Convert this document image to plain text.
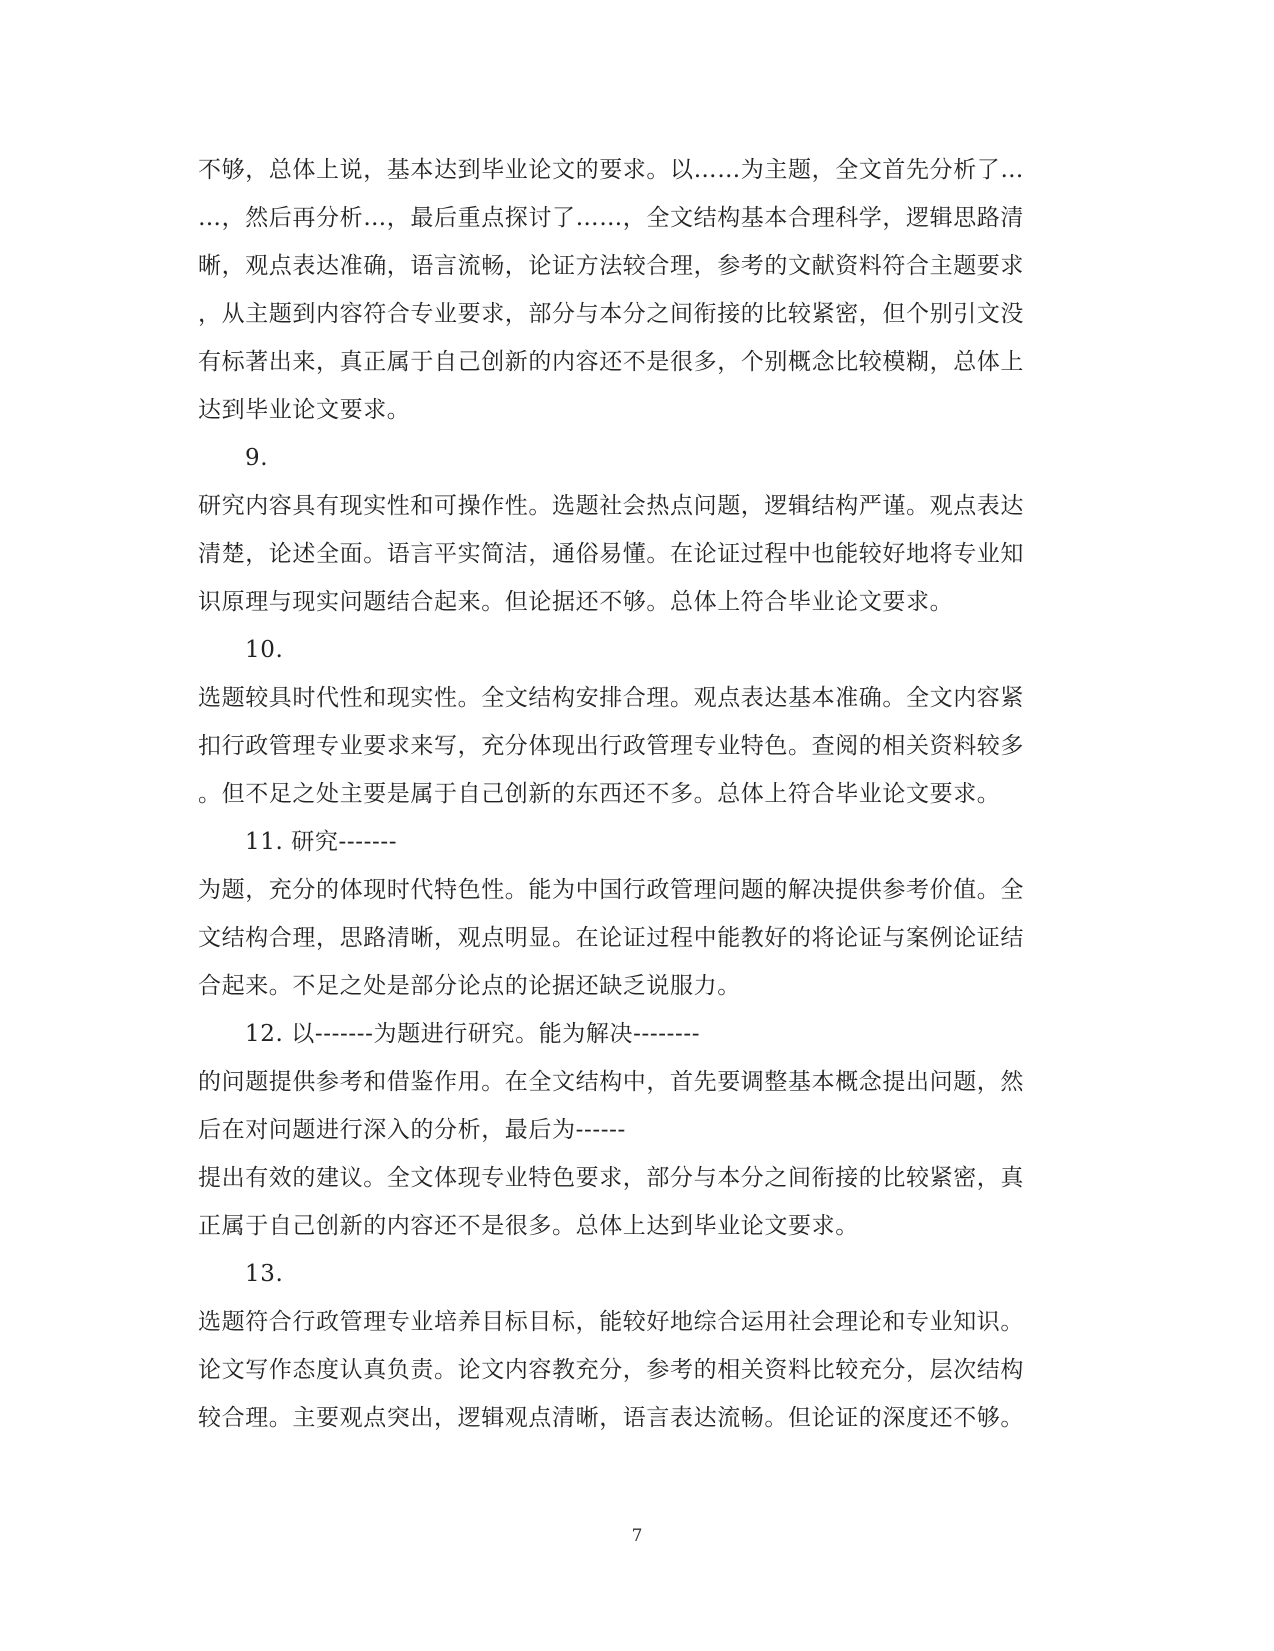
不够，总体上说，基本达到毕业论文的要求。以……为主题，全文首先分析了…
…，然后再分析…，最后重点探讨了……，全文结构基本合理科学，逻辑思路清
晰，观点表达准确，语言流畅，论证方法较合理，参考的文献资料符合主题要求
，从主题到内容符合专业要求，部分与本分之间衔接的比较紧密，但个别引文没
有标著出来，真正属于自己创新的内容还不是很多，个别概念比较模糊，总体上
达到毕业论文要求。
9.
研究内容具有现实性和可操作性。选题社会热点问题，逻辑结构严谨。观点表达
清楚，论述全面。语言平实简洁，通俗易懂。在论证过程中也能较好地将专业知
识原理与现实问题结合起来。但论据还不够。总体上符合毕业论文要求。
10.
选题较具时代性和现实性。全文结构安排合理。观点表达基本准确。全文内容紧
扣行政管理专业要求来写，充分体现出行政管理专业特色。查阅的相关资料较多
。但不足之处主要是属于自己创新的东西还不多。总体上符合毕业论文要求。
11. 研究-------
为题，充分的体现时代特色性。能为中国行政管理问题的解决提供参考价值。全
文结构合理，思路清晰，观点明显。在论证过程中能教好的将论证与案例论证结
合起来。不足之处是部分论点的论据还缺乏说服力。
12. 以-------为题进行研究。能为解决--------
的问题提供参考和借鉴作用。在全文结构中，首先要调整基本概念提出问题，然
后在对问题进行深入的分析，最后为------
提出有效的建议。全文体现专业特色要求，部分与本分之间衔接的比较紧密，真
正属于自己创新的内容还不是很多。总体上达到毕业论文要求。
13.
选题符合行政管理专业培养目标目标，能较好地综合运用社会理论和专业知识。
论文写作态度认真负责。论文内容教充分，参考的相关资料比较充分，层次结构
较合理。主要观点突出，逻辑观点清晰，语言表达流畅。但论证的深度还不够。
7
